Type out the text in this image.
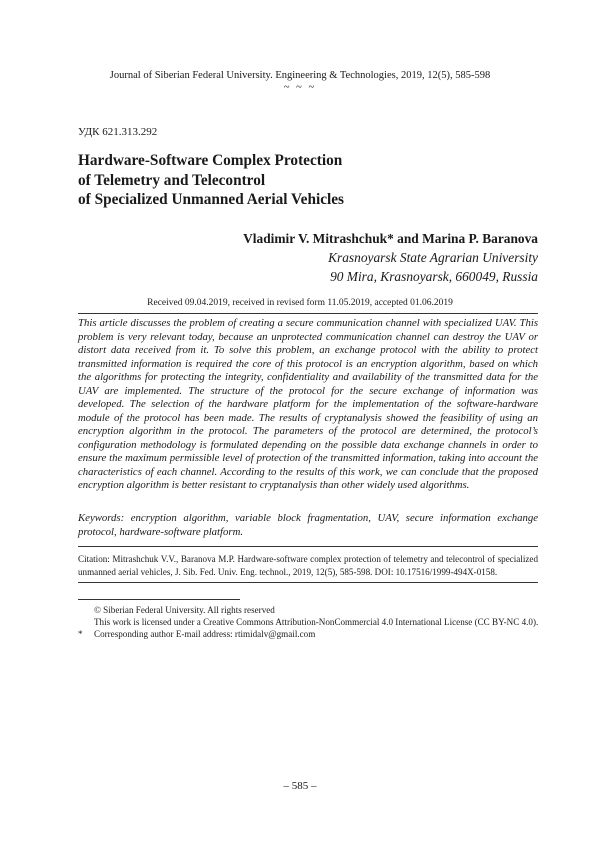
Journal of Siberian Federal University. Engineering & Technologies, 2019, 12(5), 585-598
~ ~ ~
УДК 621.313.292
Hardware-Software Complex Protection
of Telemetry and Telecontrol
of Specialized Unmanned Aerial Vehicles
Vladimir V. Mitrashchuk* and Marina P. Baranova
Krasnoyarsk State Agrarian University
90 Mira, Krasnoyarsk, 660049, Russia
Received 09.04.2019, received in revised form 11.05.2019, accepted 01.06.2019
This article discusses the problem of creating a secure communication channel with specialized UAV. This problem is very relevant today, because an unprotected communication channel can destroy the UAV or distort data received from it. To solve this problem, an exchange protocol with the ability to protect transmitted information is required the core of this protocol is an encryption algorithm, based on which the algorithms for protecting the integrity, confidentiality and availability of the transmitted data for the UAV are implemented. The structure of the protocol for the secure exchange of information was developed. The selection of the hardware platform for the implementation of the software-hardware module of the protocol has been made. The results of cryptanalysis showed the feasibility of using an encryption algorithm in the protocol. The parameters of the protocol are determined, the protocol’s configuration methodology is formulated depending on the possible data exchange channels in order to ensure the maximum permissible level of protection of the transmitted information, taking into account the characteristics of each channel. According to the results of this work, we can conclude that the proposed encryption algorithm is better resistant to cryptanalysis than other widely used algorithms.
Keywords: encryption algorithm, variable block fragmentation, UAV, secure information exchange protocol, hardware-software platform.
Citation: Mitrashchuk V.V., Baranova M.P. Hardware-software complex protection of telemetry and telecontrol of specialized unmanned aerial vehicles, J. Sib. Fed. Univ. Eng. technol., 2019, 12(5), 585-598. DOI: 10.17516/1999-494X-0158.
© Siberian Federal University. All rights reserved
This work is licensed under a Creative Commons Attribution-NonCommercial 4.0 International License (CC BY-NC 4.0).
* Corresponding author E-mail address: rtimidalv@gmail.com
– 585 –
